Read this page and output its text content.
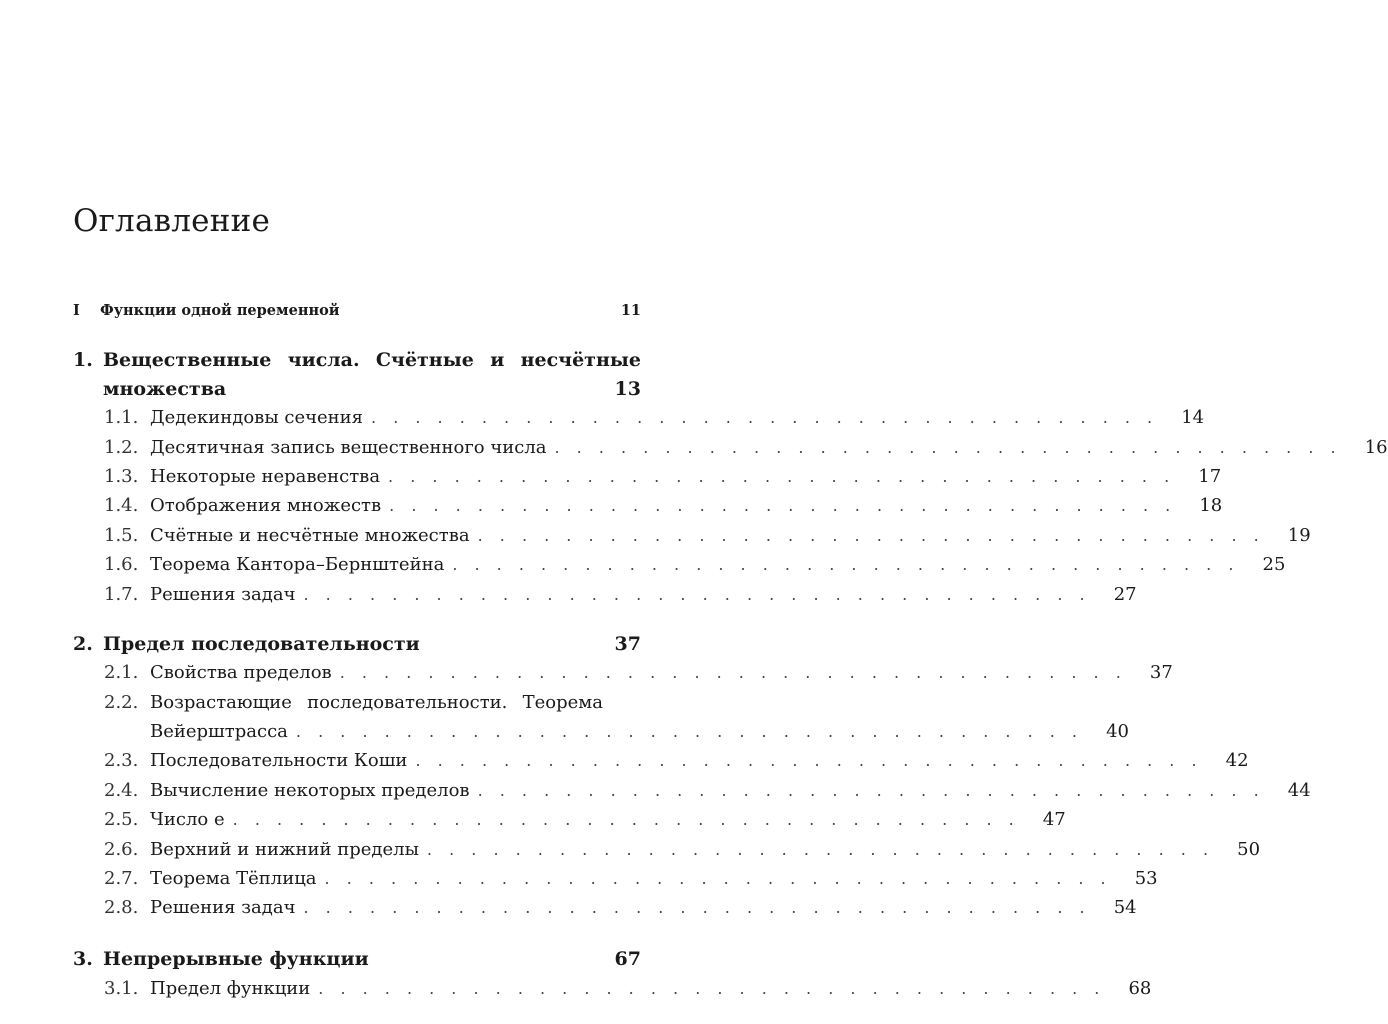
Оглавление
I	Функции одной переменной	11
1. Вещественные числа. Счётные и несчётные
множества	13
1.1. Дедекиндовы сечения . . . . . . . . . . . . . . . . . . . . . . . . . . . . . . . . . . . .	14
1.2. Десятичная запись вещественного числа . . . . . . . . . . . . . . . . . . . . . . . . . . . . . . . . . . . .	16
1.3. Некоторые неравенства . . . . . . . . . . . . . . . . . . . . . . . . . . . . . . . . . . . .	17
1.4. Отображения множеств . . . . . . . . . . . . . . . . . . . . . . . . . . . . . . . . . . . .	18
1.5. Счётные и несчётные множества . . . . . . . . . . . . . . . . . . . . . . . . . . . . . . . . . . . .	19
1.6. Теорема Кантора–Бернштейна . . . . . . . . . . . . . . . . . . . . . . . . . . . . . . . . . . . .	25
1.7. Решения задач . . . . . . . . . . . . . . . . . . . . . . . . . . . . . . . . . . . .	27
2. Предел последовательности	37
2.1. Свойства пределов . . . . . . . . . . . . . . . . . . . . . . . . . . . . . . . . . . . .	37
2.2. Возрастающие последовательности. Теорема
Вейерштрасса . . . . . . . . . . . . . . . . . . . . . . . . . . . . . . . . . . . .	40
2.3. Последовательности Коши . . . . . . . . . . . . . . . . . . . . . . . . . . . . . . . . . . . .	42
2.4. Вычисление некоторых пределов . . . . . . . . . . . . . . . . . . . . . . . . . . . . . . . . . . . .	44
2.5. Число e . . . . . . . . . . . . . . . . . . . . . . . . . . . . . . . . . . . .	47
2.6. Верхний и нижний пределы . . . . . . . . . . . . . . . . . . . . . . . . . . . . . . . . . . . .	50
2.7. Теорема Тёплица . . . . . . . . . . . . . . . . . . . . . . . . . . . . . . . . . . . .	53
2.8. Решения задач . . . . . . . . . . . . . . . . . . . . . . . . . . . . . . . . . . . .	54
3. Непрерывные функции	67
3.1. Предел функции . . . . . . . . . . . . . . . . . . . . . . . . . . . . . . . . . . . .	68
